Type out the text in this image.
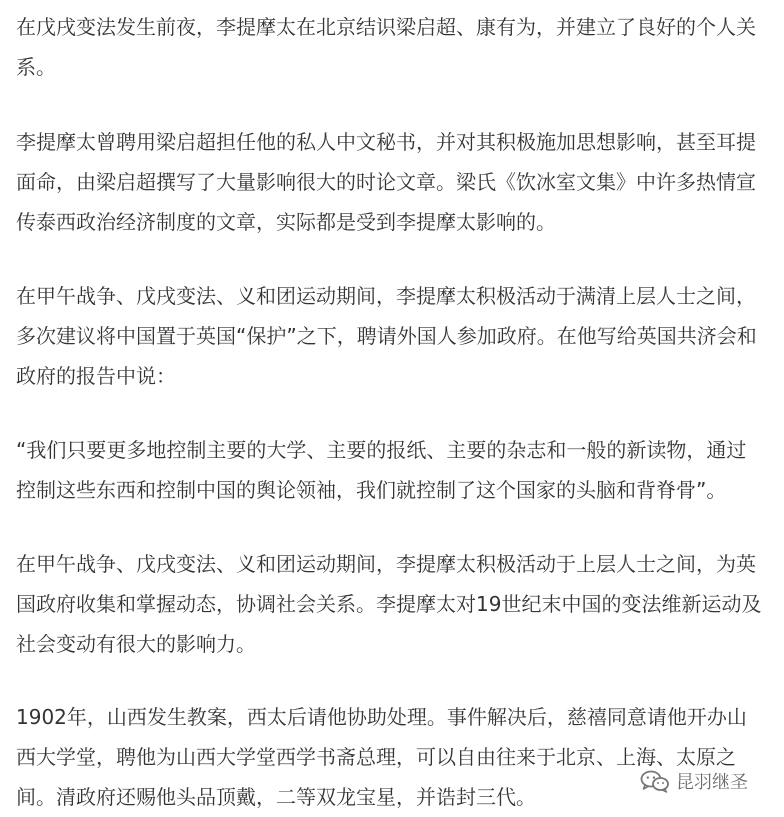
在戊戌变法发生前夜，李提摩太在北京结识梁启超、康有为，并建立了良好的个人关
系。
李提摩太曾聘用梁启超担任他的私人中文秘书，并对其积极施加思想影响，甚至耳提
面命，由梁启超撰写了大量影响很大的时论文章。梁氏《饮冰室文集》中许多热情宣
传泰西政治经济制度的文章，实际都是受到李提摩太影响的。
在甲午战争、戊戌变法、义和团运动期间，李提摩太积极活动于满清上层人士之间，
多次建议将中国置于英国“保护”之下，聘请外国人参加政府。在他写给英国共济会和
政府的报告中说：
“我们只要更多地控制主要的大学、主要的报纸、主要的杂志和一般的新读物，通过
控制这些东西和控制中国的舆论领袖，我们就控制了这个国家的头脑和背脊骨”。
在甲午战争、戊戌变法、义和团运动期间，李提摩太积极活动于上层人士之间，为英
国政府收集和掌握动态，协调社会关系。李提摩太对19世纪末中国的变法维新运动及
社会变动有很大的影响力。
1902年，山西发生教案，西太后请他协助处理。事件解决后，慈禧同意请他开办山
西大学堂，聘他为山西大学堂西学书斋总理，可以自由往来于北京、上海、太原之
间。清政府还赐他头品顶戴，二等双龙宝星，并诰封三代。
昆羽继圣
